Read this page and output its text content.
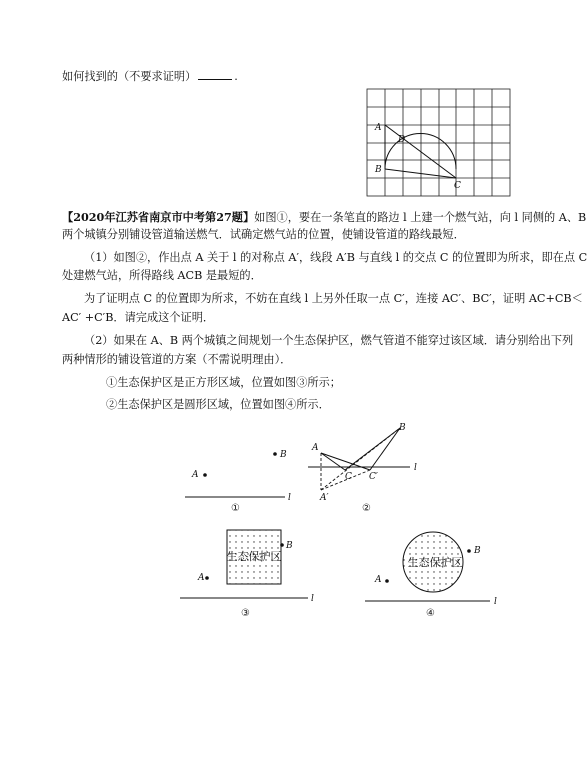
如何找到的（不要求证明）	.
A
D
B
C
【2020年江苏省南京市中考第27题】如图①，要在一条笔直的路边 l 上建一个燃气站，向 l 同侧的 A、B
两个城镇分别铺设管道输送燃气．试确定燃气站的位置，使铺设管道的路线最短．
（1）如图②，作出点 A 关于 l 的对称点 A′，线段 A′B 与直线 l 的交点 C 的位置即为所求，即在点 C
处建燃气站，所得路线 ACB 是最短的．
为了证明点 C 的位置即为所求，不妨在直线 l 上另外任取一点 C′，连接 AC′、BC′，证明 AC+CB＜
AC′ +C′B．请完成这个证明．
（2）如果在 A、B 两个城镇之间规划一个生态保护区，燃气管道不能穿过该区域．请分别给出下列
两种情形的铺设管道的方案（不需说明理由）．
①生态保护区是正方形区域，位置如图③所示；
②生态保护区是圆形区域，位置如图④所示．
A
B
l
①
l
A
B
C C′
A′
②
生态保护区
A
B
l
③
生态保护区
A
B
l
④
